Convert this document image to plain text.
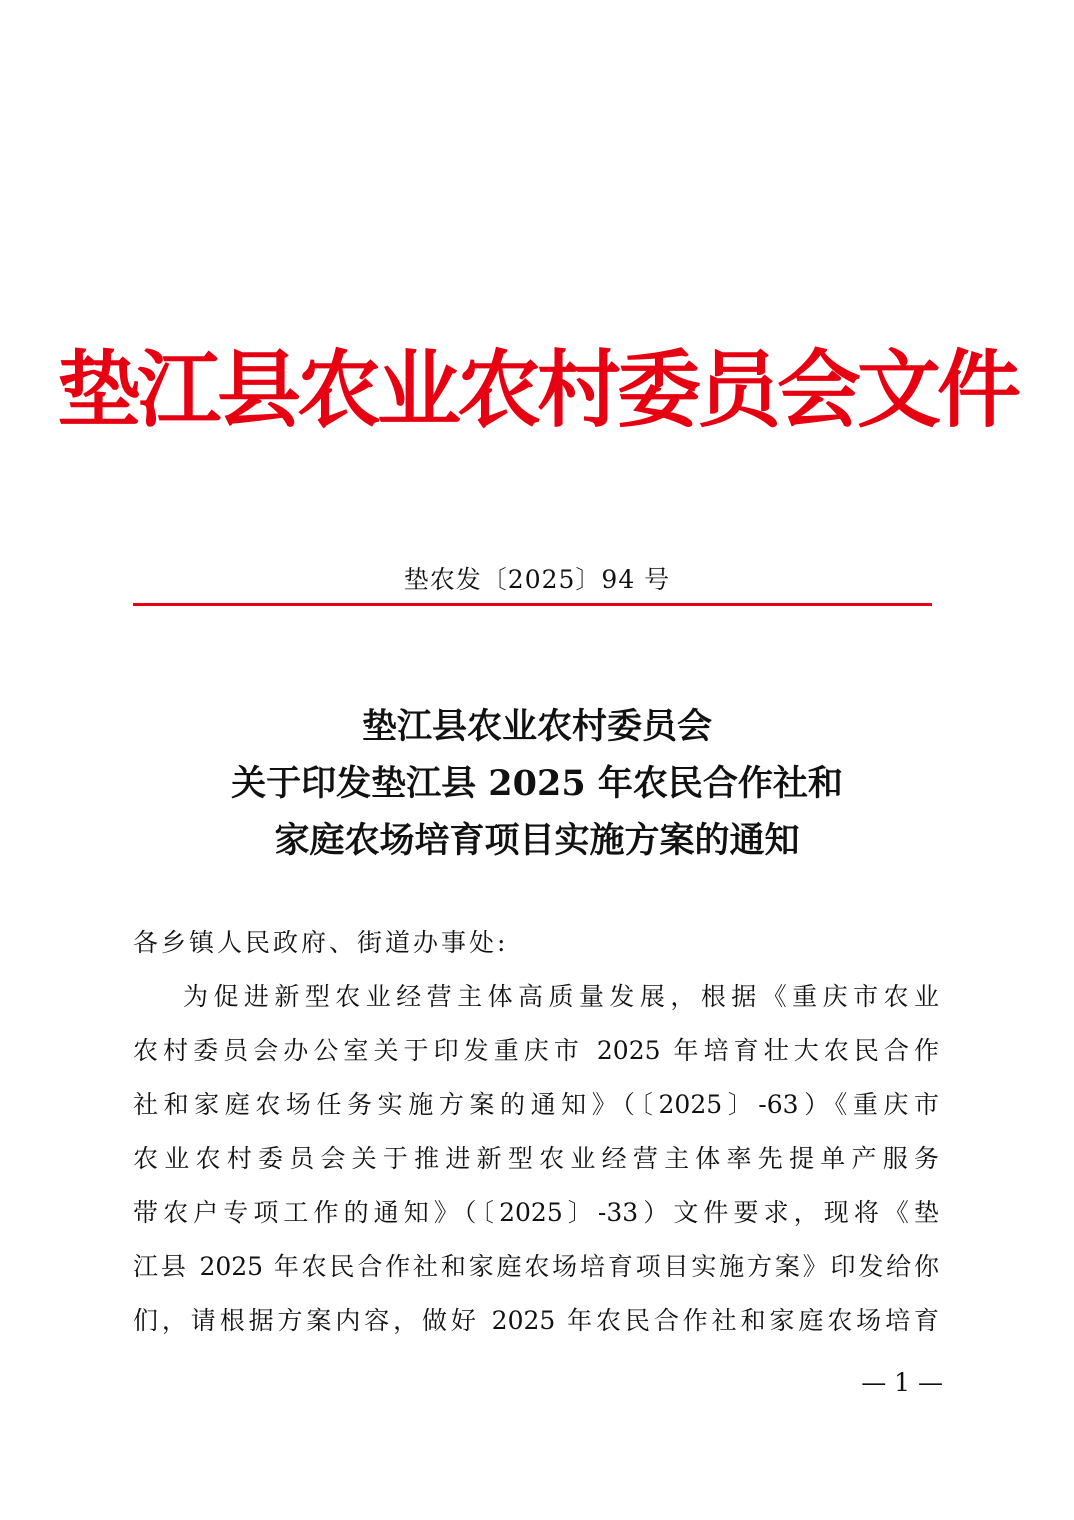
垫江县农业农村委员会文件
垫农发〔2025〕94 号
垫江县农业农村委员会
关于印发垫江县 2025 年农民合作社和
家庭农场培育项目实施方案的通知
各乡镇人民政府、街道办事处:
为促进新型农业经营主体高质量发展，根据《重庆市农业
农村委员会办公室关于印发重庆市 2025 年培育壮大农民合作
社和家庭农场任务实施方案的通知》（〔2025〕-63）《重庆市
农业农村委员会关于推进新型农业经营主体率先提单产服务
带农户专项工作的通知》（〔2025〕-33）文件要求，现将《垫
江县 2025 年农民合作社和家庭农场培育项目实施方案》印发给你
们，请根据方案内容，做好 2025 年农民合作社和家庭农场培育
— 1 —
